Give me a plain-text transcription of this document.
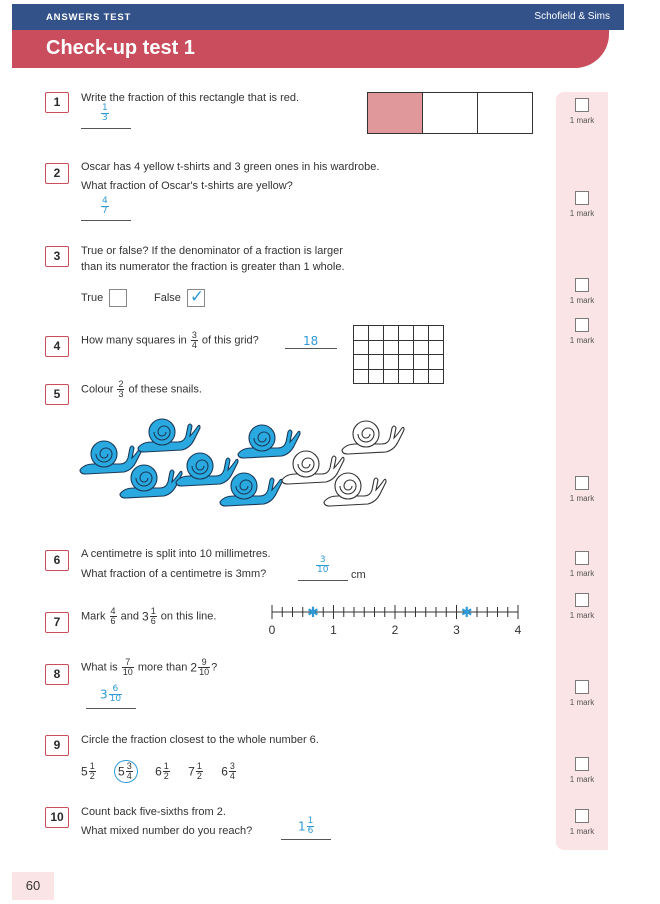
ANSWERS TEST	Schofield & Sims
Check-up test 1
1 mark
1 mark
1 mark
1 mark
1 mark
1 mark
1 mark
1 mark
1 mark
1 mark
1	Write the fraction of this rectangle that is red.
$\frac{1}{3}$
2	Oscar has 4 yellow t-shirts and 3 green ones in his wardrobe.
What fraction of Oscar's t-shirts are yellow?
$\frac{4}{7}$
3	True or false? If the denominator of a fraction is larger
than its numerator the fraction is greater than 1 whole.
True	False ✓
4	How many squares in $\frac{3}{4}$ of this grid?	18

5	Colour $\frac{2}{3}$ of these snails.
6	A centimetre is split into 10 millimetres.
What fraction of a centimetre is 3mm?	$\frac{3}{10}$ cm
7	Mark $\frac{4}{6}$ and $3 \frac{1}{6}$ on this line.
0	1	2	3	4
✱	✱
8	What is $\frac{7}{10}$ more than $2 \frac{9}{10}$ ?
$3 \frac{6}{10}$
9	Circle the fraction closest to the whole number 6.
$5 \frac{1}{2} 5 \frac{3}{4} 6 \frac{1}{2} 7 \frac{1}{2} 6 \frac{3}{4}$
10	Count back five-sixths from 2.
What mixed number do you reach?	$1 \frac{1}{6}$
60
